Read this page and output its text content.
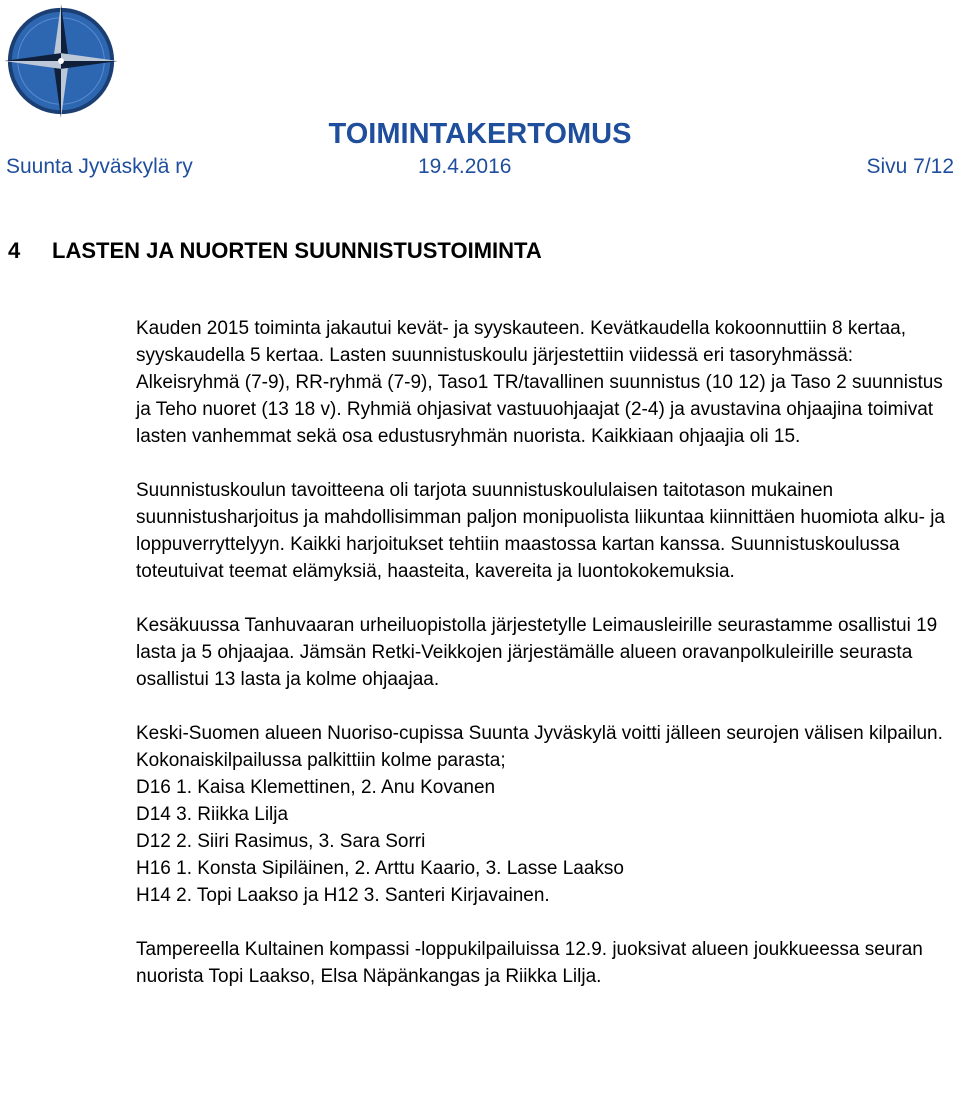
TOIMINTAKERTOMUS
Suunta Jyväskylä ry	19.4.2016	Sivu 7/12
4 LASTEN JA NUORTEN SUUNNISTUSTOIMINTA

Kauden 2015 toiminta jakautui kevät- ja syyskauteen. Kevätkaudella kokoonnuttiin 8 kertaa, syyskaudella 5 kertaa. Lasten suunnistuskoulu järjestettiin viidessä eri tasoryhmässä: Alkeisryhmä (7-9), RR-ryhmä (7-9), Taso1 TR/tavallinen suunnistus (10 12) ja Taso 2 suunnistus ja Teho nuoret (13 18 v). Ryhmiä ohjasivat vastuuohjaajat (2-4) ja avustavina ohjaajina toimivat lasten vanhemmat sekä osa edustusryhmän nuorista. Kaikkiaan ohjaajia oli 15.

Suunnistuskoulun tavoitteena oli tarjota suunnistuskoululaisen taitotason mukainen suunnistusharjoitus ja mahdollisimman paljon monipuolista liikuntaa kiinnittäen huomiota alku- ja loppuverryttelyyn. Kaikki harjoitukset tehtiin maastossa kartan kanssa. Suunnistuskoulussa toteutuivat teemat elämyksiä, haasteita, kavereita ja luontokokemuksia.

Kesäkuussa Tanhuvaaran urheiluopistolla järjestetylle Leimausleirille seurastamme osallistui 19 lasta ja 5 ohjaajaa. Jämsän Retki-Veikkojen järjestämälle alueen oravanpolkuleirille seurasta osallistui 13 lasta ja kolme ohjaajaa.

Keski-Suomen alueen Nuoriso-cupissa Suunta Jyväskylä voitti jälleen seurojen välisen kilpailun. Kokonaiskilpailussa palkittiin kolme parasta;

D16 1. Kaisa Klemettinen, 2. Anu Kovanen

D14 3. Riikka Lilja

D12 2. Siiri Rasimus, 3. Sara Sorri

H16 1. Konsta Sipiläinen, 2. Arttu Kaario, 3. Lasse Laakso

H14 2. Topi Laakso ja H12 3. Santeri Kirjavainen.

Tampereella Kultainen kompassi -loppukilpailuissa 12.9. juoksivat alueen joukkueessa seuran nuorista Topi Laakso, Elsa Näpänkangas ja Riikka Lilja.
